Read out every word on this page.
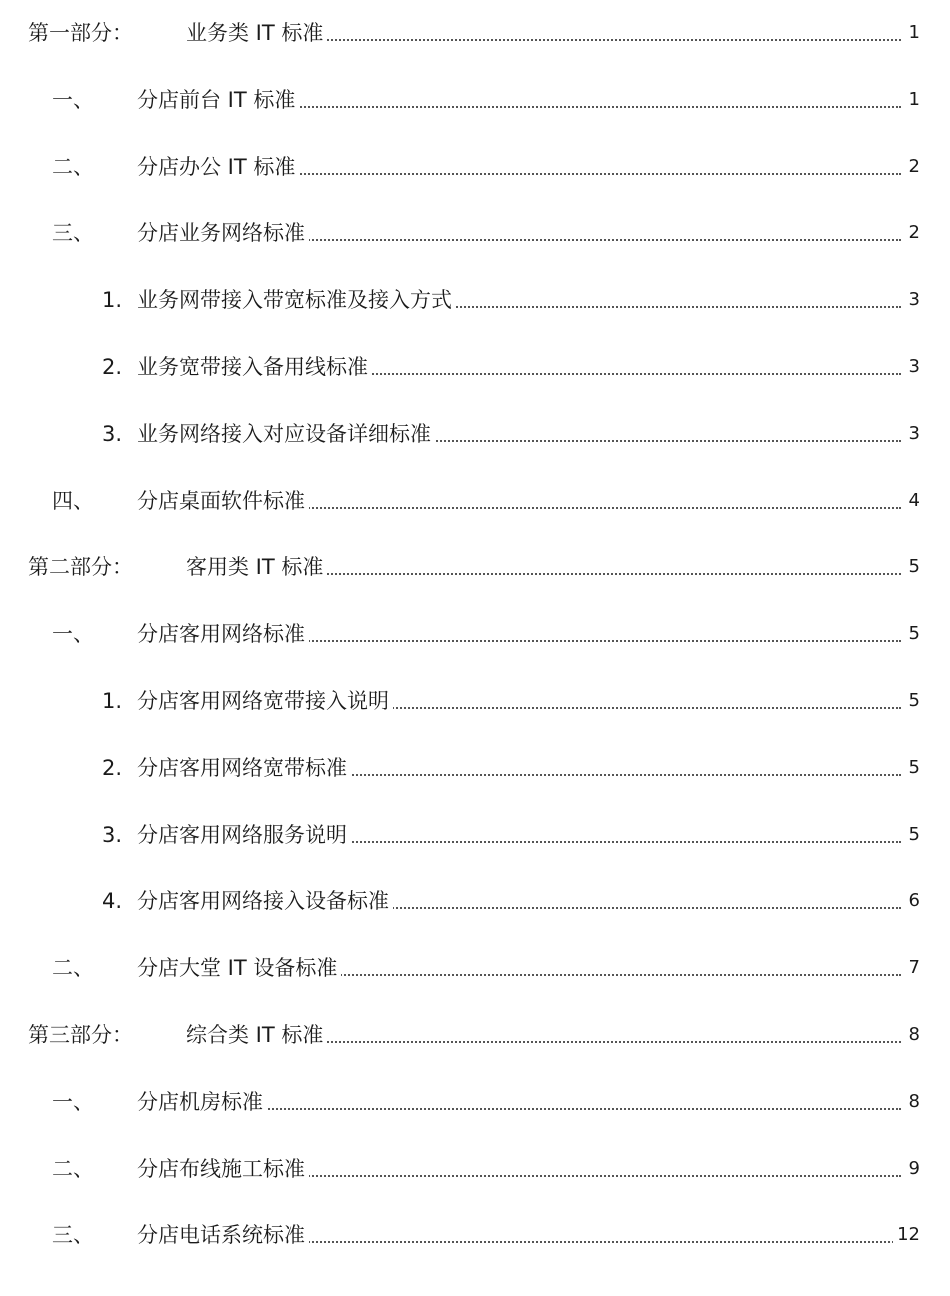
第一部分：	业务类 IT 标准	1
一、 分店前台 IT 标准	1
二、 分店办公 IT 标准	2
三、 分店业务网络标准	2
1. 业务网带接入带宽标准及接入方式	3
2. 业务宽带接入备用线标准	3
3. 业务网络接入对应设备详细标准	3
四、 分店桌面软件标准	4
第二部分：	客用类 IT 标准	5
一、 分店客用网络标准	5
1. 分店客用网络宽带接入说明	5
2. 分店客用网络宽带标准	5
3. 分店客用网络服务说明	5
4. 分店客用网络接入设备标准	6
二、 分店大堂 IT 设备标准	7
第三部分：	综合类 IT 标准	8
一、 分店机房标准	8
二、 分店布线施工标准	9
三、 分店电话系统标准	12
